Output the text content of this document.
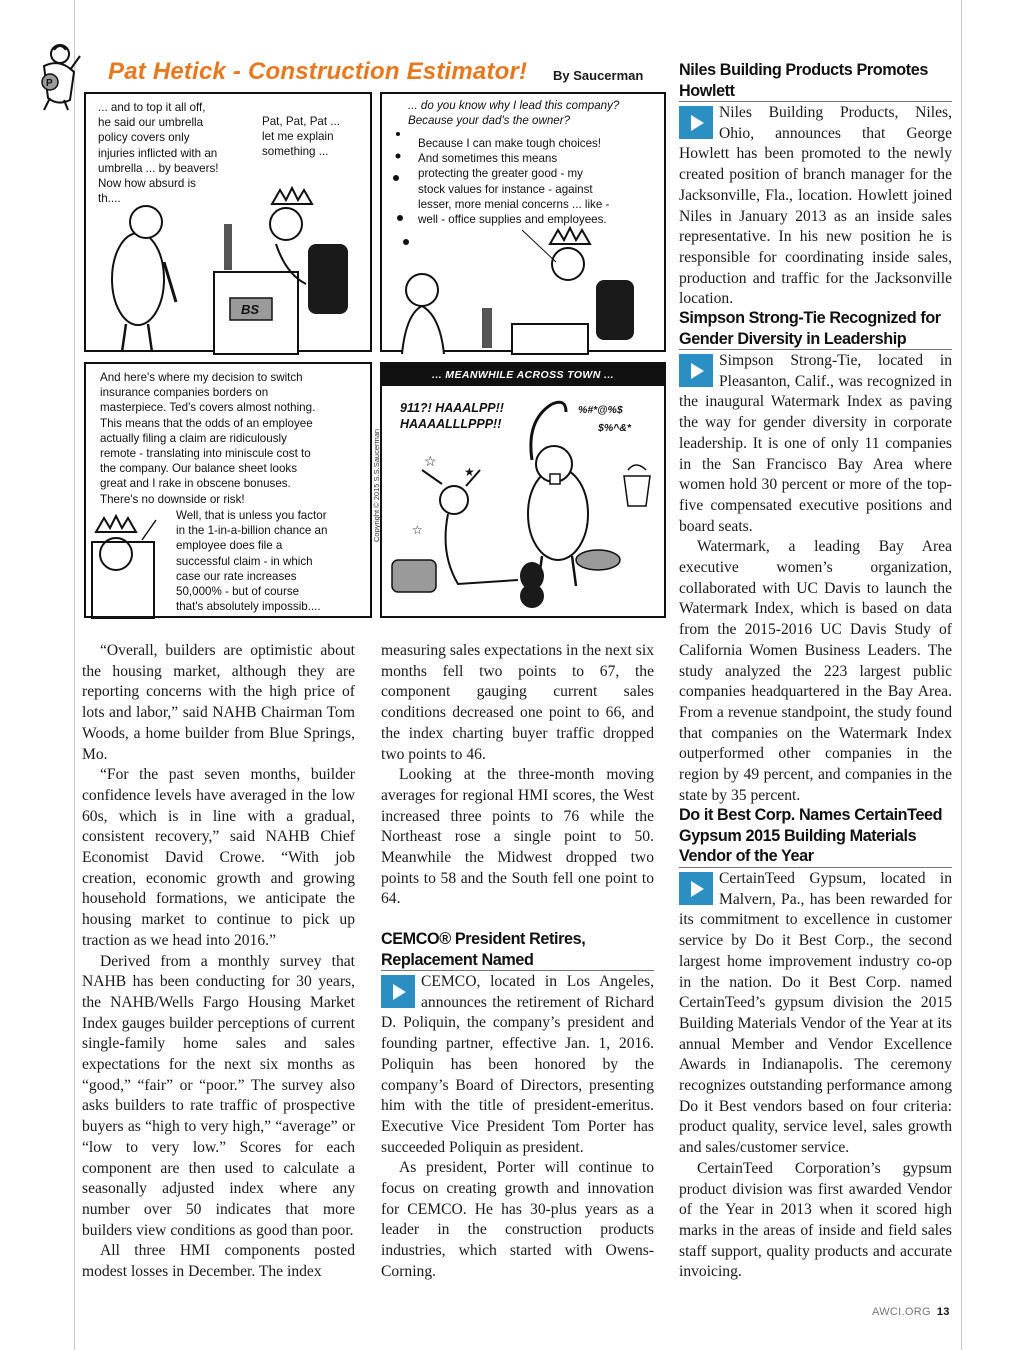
P Pat Hetick - Construction Estimator! By Saucerman
... and to top it all off,
he said our umbrella
policy covers only
injuries inflicted with an
umbrella ... by beavers!
Now how absurd is
th....
Pat, Pat, Pat ...
let me explain
something ...
BS
... do you know why I lead this company?
Because your dad's the owner?
Because I can make tough choices!
And sometimes this means
protecting the greater good - my
stock values for instance - against
lesser, more menial concerns ... like -
well - office supplies and employees.
And here's where my decision to switch
insurance companies borders on
masterpiece. Ted's covers almost nothing.
This means that the odds of an employee
actually filing a claim are ridiculously
remote - translating into miniscule cost to
the company. Our balance sheet looks
great and I rake in obscene bonuses.
There's no downside or risk!
Well, that is unless you factor
in the 1-in-a-billion chance an
employee does file a
successful claim - in which
case our rate increases
50,000% - but of course
that's absolutely impossib....
... MEANWHILE ACROSS TOWN ...
911?! HAAALPP!!
HAAAALLLPPP!!
%#*@%$
$%^&*
☆
★
☆
Copyright © 2015 S.S.Saucerman

“Overall, builders are optimistic about the housing market, although they are reporting concerns with the high price of lots and labor,” said NAHB Chairman Tom Woods, a home builder from Blue Springs, Mo.

“For the past seven months, builder confidence levels have averaged in the low 60s, which is in line with a gradual, consistent recovery,” said NAHB Chief Economist David Crowe. “With job creation, economic growth and growing household formations, we anticipate the housing market to continue to pick up traction as we head into 2016.”

Derived from a monthly survey that NAHB has been conducting for 30 years, the NAHB/Wells Fargo Housing Market Index gauges builder perceptions of current single-family home sales and sales expectations for the next six months as “good,” “fair” or “poor.” The survey also asks builders to rate traffic of prospective buyers as “high to very high,” “average” or “low to very low.” Scores for each component are then used to calculate a seasonally adjusted index where any number over 50 indicates that more builders view conditions as good than poor.

All three HMI components posted modest losses in December. The index

measuring sales expectations in the next six months fell two points to 67, the component gauging current sales conditions decreased one point to 66, and the index charting buyer traffic dropped two points to 46.

Looking at the three-month moving averages for regional HMI scores, the West increased three points to 76 while the Northeast rose a single point to 50. Meanwhile the Midwest dropped two points to 58 and the South fell one point to 64.

CEMCO® President Retires, Replacement Named

CEMCO, located in Los Angeles, announces the retirement of Richard D. Poliquin, the company’s president and founding partner, effective Jan. 1, 2016. Poliquin has been honored by the company’s Board of Directors, presenting him with the title of president-emeritus. Executive Vice President Tom Porter has succeeded Poliquin as president.

As president, Porter will continue to focus on creating growth and innovation for CEMCO. He has 30-plus years as a leader in the construction products industries, which started with Owens-Corning.

Niles Building Products Promotes Howlett

Niles Building Products, Niles, Ohio, announces that George Howlett has been promoted to the newly created position of branch manager for the Jacksonville, Fla., location. Howlett joined Niles in January 2013 as an inside sales representative. In his new position he is responsible for coordinating inside sales, production and traffic for the Jacksonville location.

Simpson Strong-Tie Recognized for Gender Diversity in Leadership

Simpson Strong-Tie, located in Pleasanton, Calif., was recognized in the inaugural Watermark Index as paving the way for gender diversity in corporate leadership. It is one of only 11 companies in the San Francisco Bay Area where women hold 30 percent or more of the top-five compensated executive positions and board seats.

Watermark, a leading Bay Area executive women’s organization, collaborated with UC Davis to launch the Watermark Index, which is based on data from the 2015-2016 UC Davis Study of California Women Business Leaders. The study analyzed the 223 largest public companies headquartered in the Bay Area. From a revenue standpoint, the study found that companies on the Watermark Index outperformed other companies in the region by 49 percent, and companies in the state by 35 percent.

Do it Best Corp. Names CertainTeed Gypsum 2015 Building Materials Vendor of the Year

CertainTeed Gypsum, located in Malvern, Pa., has been rewarded for its commitment to excellence in customer service by Do it Best Corp., the second largest home improvement industry co-op in the nation. Do it Best Corp. named CertainTeed’s gypsum division the 2015 Building Materials Vendor of the Year at its annual Member and Vendor Excellence Awards in Indianapolis. The ceremony recognizes outstanding performance among Do it Best vendors based on four criteria: product quality, service level, sales growth and sales/customer service.

CertainTeed Corporation’s gypsum product division was first awarded Vendor of the Year in 2013 when it scored high marks in the areas of inside and field sales staff support, quality products and accurate invoicing.

AWCI.ORG 13
